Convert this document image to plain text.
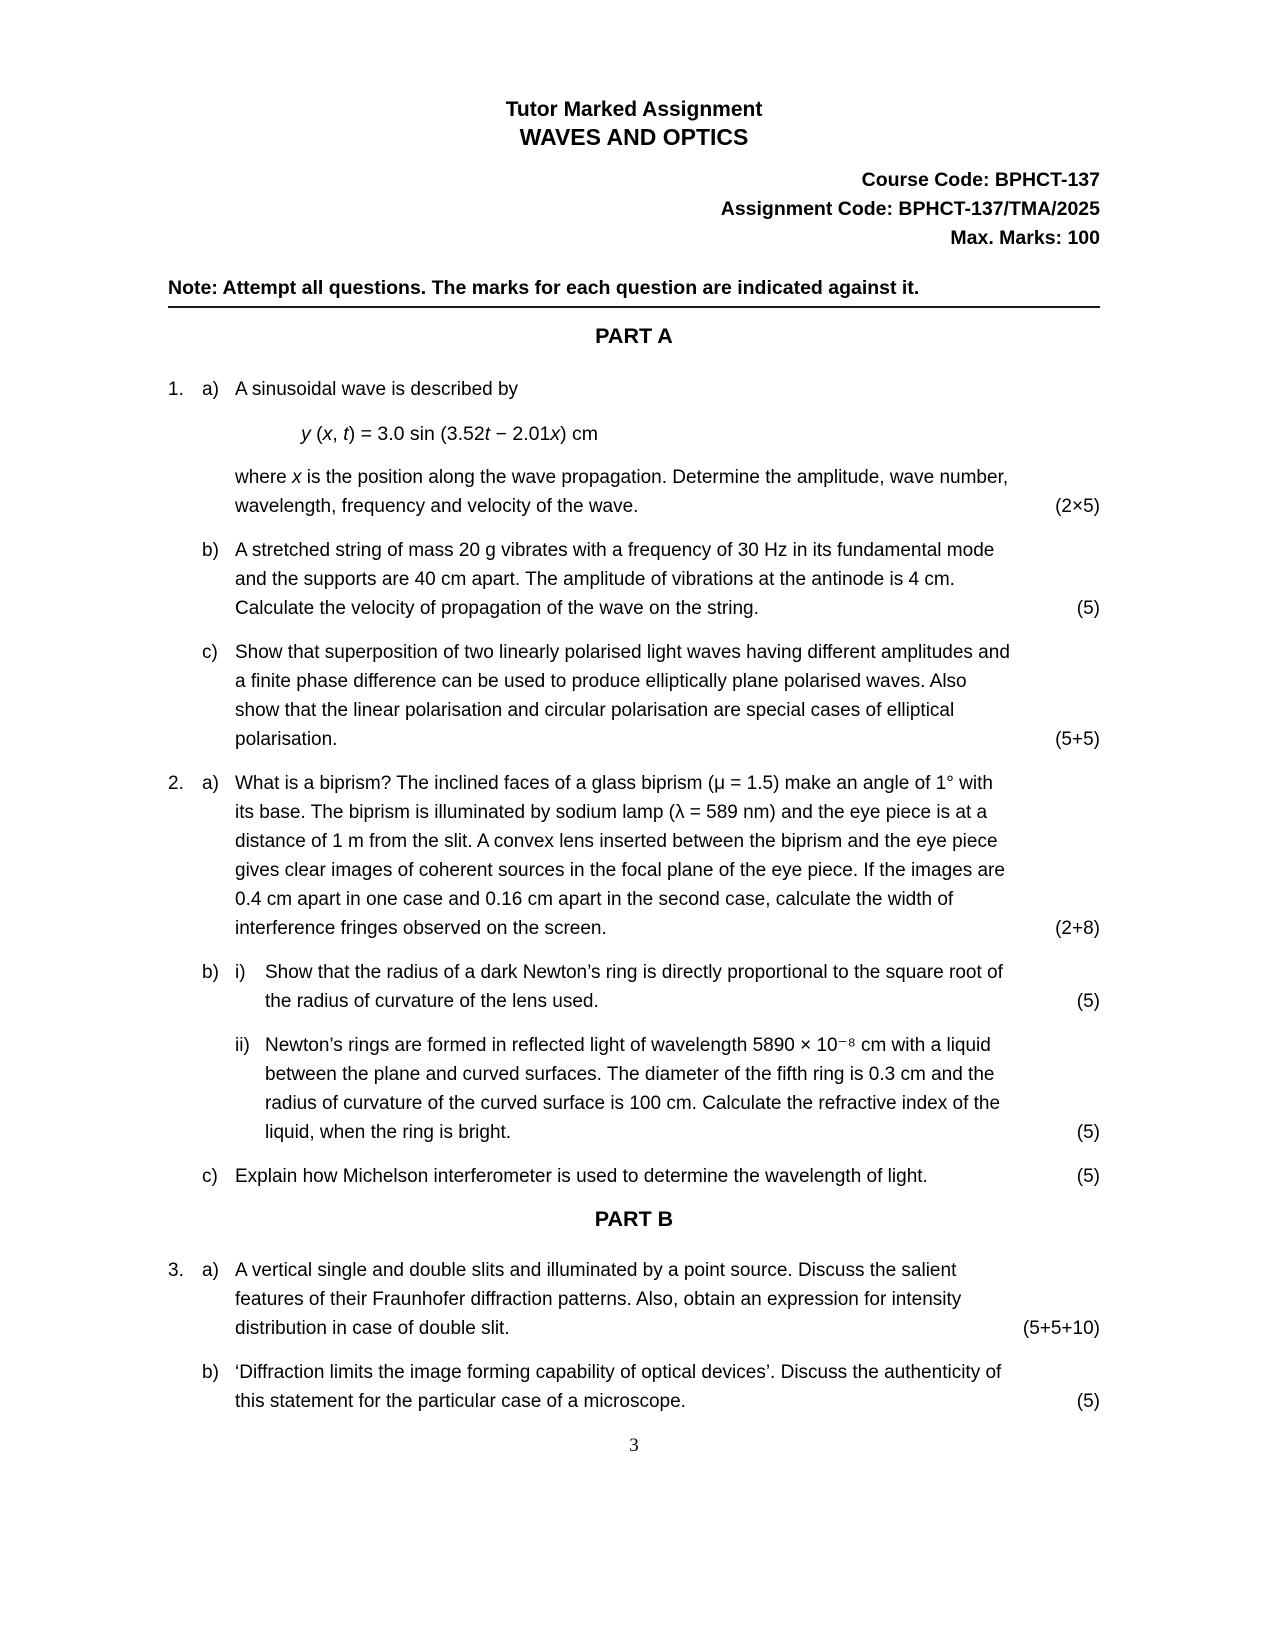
Tutor Marked Assignment
WAVES AND OPTICS
Course Code: BPHCT-137
Assignment Code: BPHCT-137/TMA/2025
Max. Marks: 100
Note: Attempt all questions. The marks for each question are indicated against it.
PART A
1. a) A sinusoidal wave is described by
y (x, t) = 3.0 sin (3.52t − 2.01x) cm
where x is the position along the wave propagation. Determine the amplitude, wave number, wavelength, frequency and velocity of the wave.	(2×5)
b) A stretched string of mass 20 g vibrates with a frequency of 30 Hz in its fundamental mode and the supports are 40 cm apart. The amplitude of vibrations at the antinode is 4 cm. Calculate the velocity of propagation of the wave on the string.	(5)
c) Show that superposition of two linearly polarised light waves having different amplitudes and a finite phase difference can be used to produce elliptically plane polarised waves. Also show that the linear polarisation and circular polarisation are special cases of elliptical polarisation.	(5+5)
2. a) What is a biprism? The inclined faces of a glass biprism (μ = 1.5) make an angle of 1° with its base. The biprism is illuminated by sodium lamp (λ = 589 nm) and the eye piece is at a distance of 1 m from the slit. A convex lens inserted between the biprism and the eye piece gives clear images of coherent sources in the focal plane of the eye piece. If the images are 0.4 cm apart in one case and 0.16 cm apart in the second case, calculate the width of interference fringes observed on the screen.	(2+8)
b) i)	Show that the radius of a dark Newton’s ring is directly proportional to the square root of the radius of curvature of the lens used.	(5)
ii) Newton’s rings are formed in reflected light of wavelength 5890 × 10⁻⁸ cm with a liquid between the plane and curved surfaces. The diameter of the fifth ring is 0.3 cm and the radius of curvature of the curved surface is 100 cm. Calculate the refractive index of the liquid, when the ring is bright.	(5)
c) Explain how Michelson interferometer is used to determine the wavelength of light.	(5)
PART B
3. a) A vertical single and double slits and illuminated by a point source. Discuss the salient features of their Fraunhofer diffraction patterns. Also, obtain an expression for intensity distribution in case of double slit.	(5+5+10)
b) ‘Diffraction limits the image forming capability of optical devices’. Discuss the authenticity of this statement for the particular case of a microscope.	(5)
3
